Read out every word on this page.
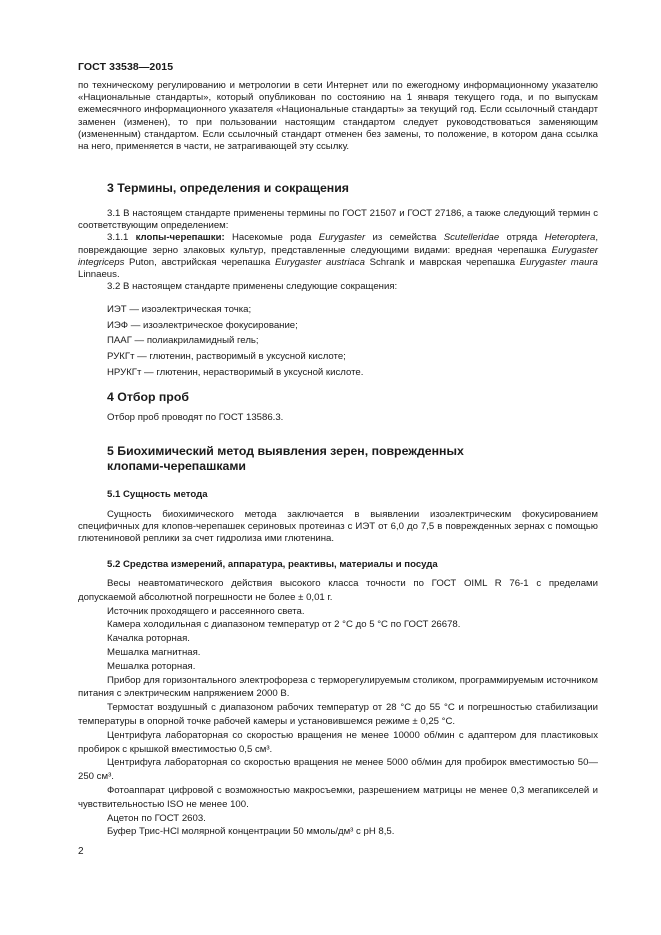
ГОСТ 33538—2015

по техническому регулированию и метрологии в сети Интернет или по ежегодному информационному указателю «Национальные стандарты», который опубликован по состоянию на 1 января текущего года, и по выпускам ежемесячного информационного указателя «Национальные стандарты» за текущий год. Если ссылочный стандарт заменен (изменен), то при пользовании настоящим стандартом следует руководствоваться заменяющим (измененным) стандартом. Если ссылочный стандарт отменен без замены, то положение, в котором дана ссылка на него, применяется в части, не затрагивающей эту ссылку.

3 Термины, определения и сокращения

3.1 В настоящем стандарте применены термины по ГОСТ 21507 и ГОСТ 27186, а также следующий термин с соответствующим определением:

3.1.1 клопы-черепашки: Насекомые рода Eurygaster из семейства Scutelleridae отряда Heteroptera, повреждающие зерно злаковых культур, представленные следующими видами: вредная черепашка Eurygaster integriceps Puton, австрийская черепашка Eurygaster austriaca Schrank и маврская черепашка Eurygaster maura Linnaeus.

3.2 В настоящем стандарте применены следующие сокращения:

ИЭТ — изоэлектрическая точка;
ИЭФ — изоэлектрическое фокусирование;
ПААГ — полиакриламидный гель;
РУКГт — глютенин, растворимый в уксусной кислоте;
НРУКГт — глютенин, нерастворимый в уксусной кислоте.
4 Отбор проб

Отбор проб проводят по ГОСТ 13586.3.

5 Биохимический метод выявления зерен, поврежденных
клопами-черепашками
5.1 Сущность метода

Сущность биохимического метода заключается в выявлении изоэлектрическим фокусированием специфичных для клопов-черепашек сериновых протеиназ с ИЭТ от 6,0 до 7,5 в поврежденных зернах с помощью глютениновой реплики за счет гидролиза ими глютенина.

5.2 Средства измерений, аппаратура, реактивы, материалы и посуда

Весы неавтоматического действия высокого класса точности по ГОСТ OIML R 76-1 с пределами допускаемой абсолютной погрешности не более ± 0,01 г.

Источник проходящего и рассеянного света.

Камера холодильная с диапазоном температур от 2 °С до 5 °С по ГОСТ 26678.

Качалка роторная.

Мешалка магнитная.

Мешалка роторная.

Прибор для горизонтального электрофореза с терморегулируемым столиком, программируемым источником питания с электрическим напряжением 2000 В.

Термостат воздушный с диапазоном рабочих температур от 28 °С до 55 °С и погрешностью стабилизации температуры в опорной точке рабочей камеры и установившемся режиме ± 0,25 °С.

Центрифуга лабораторная со скоростью вращения не менее 10000 об/мин с адаптером для пластиковых пробирок с крышкой вместимостью 0,5 см³.

Центрифуга лабораторная со скоростью вращения не менее 5000 об/мин для пробирок вместимостью 50—250 см³.

Фотоаппарат цифровой с возможностью макросъемки, разрешением матрицы не менее 0,3 мегапикселей и чувствительностью ISO не менее 100.

Ацетон по ГОСТ 2603.

Буфер Трис-HCl молярной концентрации 50 ммоль/дм³ с рН 8,5.

2
